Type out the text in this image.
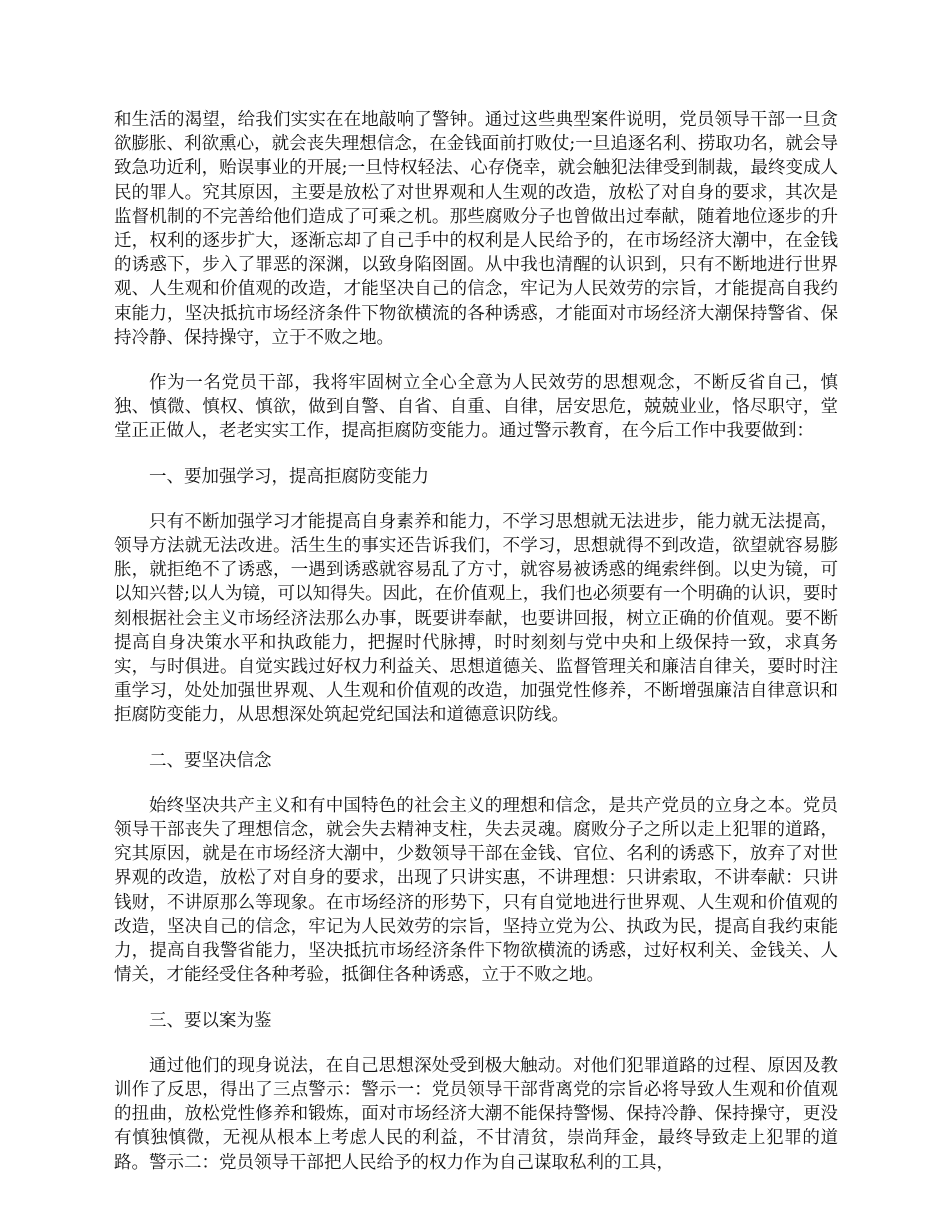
和生活的渴望，给我们实实在在地敲响了警钟。通过这些典型案件说明，党员领导干部一旦贪欲膨胀、利欲熏心，就会丧失理想信念，在金钱面前打败仗;一旦追逐名利、捞取功名，就会导致急功近利，贻误事业的开展;一旦恃权轻法、心存侥幸，就会触犯法律受到制裁，最终变成人民的罪人。究其原因，主要是放松了对世界观和人生观的改造，放松了对自身的要求，其次是监督机制的不完善给他们造成了可乘之机。那些腐败分子也曾做出过奉献，随着地位逐步的升迁，权利的逐步扩大，逐渐忘却了自己手中的权利是人民给予的，在市场经济大潮中，在金钱的诱惑下，步入了罪恶的深渊，以致身陷囹圄。从中我也清醒的认识到，只有不断地进行世界观、人生观和价值观的改造，才能坚决自己的信念，牢记为人民效劳的宗旨，才能提高自我约束能力，坚决抵抗市场经济条件下物欲横流的各种诱惑，才能面对市场经济大潮保持警省、保持冷静、保持操守，立于不败之地。

作为一名党员干部，我将牢固树立全心全意为人民效劳的思想观念，不断反省自己，慎独、慎微、慎权、慎欲，做到自警、自省、自重、自律，居安思危，兢兢业业，恪尽职守，堂堂正正做人，老老实实工作，提高拒腐防变能力。通过警示教育，在今后工作中我要做到：

一、要加强学习，提高拒腐防变能力

只有不断加强学习才能提高自身素养和能力，不学习思想就无法进步，能力就无法提高，领导方法就无法改进。活生生的事实还告诉我们，不学习，思想就得不到改造，欲望就容易膨胀，就拒绝不了诱惑，一遇到诱惑就容易乱了方寸，就容易被诱惑的绳索绊倒。以史为镜，可以知兴替;以人为镜，可以知得失。因此，在价值观上，我们也必须要有一个明确的认识，要时刻根据社会主义市场经济法那么办事，既要讲奉献，也要讲回报，树立正确的价值观。要不断提高自身决策水平和执政能力，把握时代脉搏，时时刻刻与党中央和上级保持一致，求真务实，与时俱进。自觉实践过好权力利益关、思想道德关、监督管理关和廉洁自律关，要时时注重学习，处处加强世界观、人生观和价值观的改造，加强党性修养，不断增强廉洁自律意识和拒腐防变能力，从思想深处筑起党纪国法和道德意识防线。

二、要坚决信念

始终坚决共产主义和有中国特色的社会主义的理想和信念，是共产党员的立身之本。党员领导干部丧失了理想信念，就会失去精神支柱，失去灵魂。腐败分子之所以走上犯罪的道路，究其原因，就是在市场经济大潮中，少数领导干部在金钱、官位、名利的诱惑下，放弃了对世界观的改造，放松了对自身的要求，出现了只讲实惠，不讲理想：只讲索取，不讲奉献：只讲钱财，不讲原那么等现象。在市场经济的形势下，只有自觉地进行世界观、人生观和价值观的改造，坚决自己的信念，牢记为人民效劳的宗旨，坚持立党为公、执政为民，提高自我约束能力，提高自我警省能力，坚决抵抗市场经济条件下物欲横流的诱惑，过好权利关、金钱关、人情关，才能经受住各种考验，抵御住各种诱惑，立于不败之地。

三、要以案为鉴

通过他们的现身说法，在自己思想深处受到极大触动。对他们犯罪道路的过程、原因及教训作了反思，得出了三点警示：警示一：党员领导干部背离党的宗旨必将导致人生观和价值观的扭曲，放松党性修养和锻炼，面对市场经济大潮不能保持警惕、保持冷静、保持操守，更没有慎独慎微，无视从根本上考虑人民的利益，不甘清贫，崇尚拜金，最终导致走上犯罪的道路。警示二：党员领导干部把人民给予的权力作为自己谋取私利的工具，
